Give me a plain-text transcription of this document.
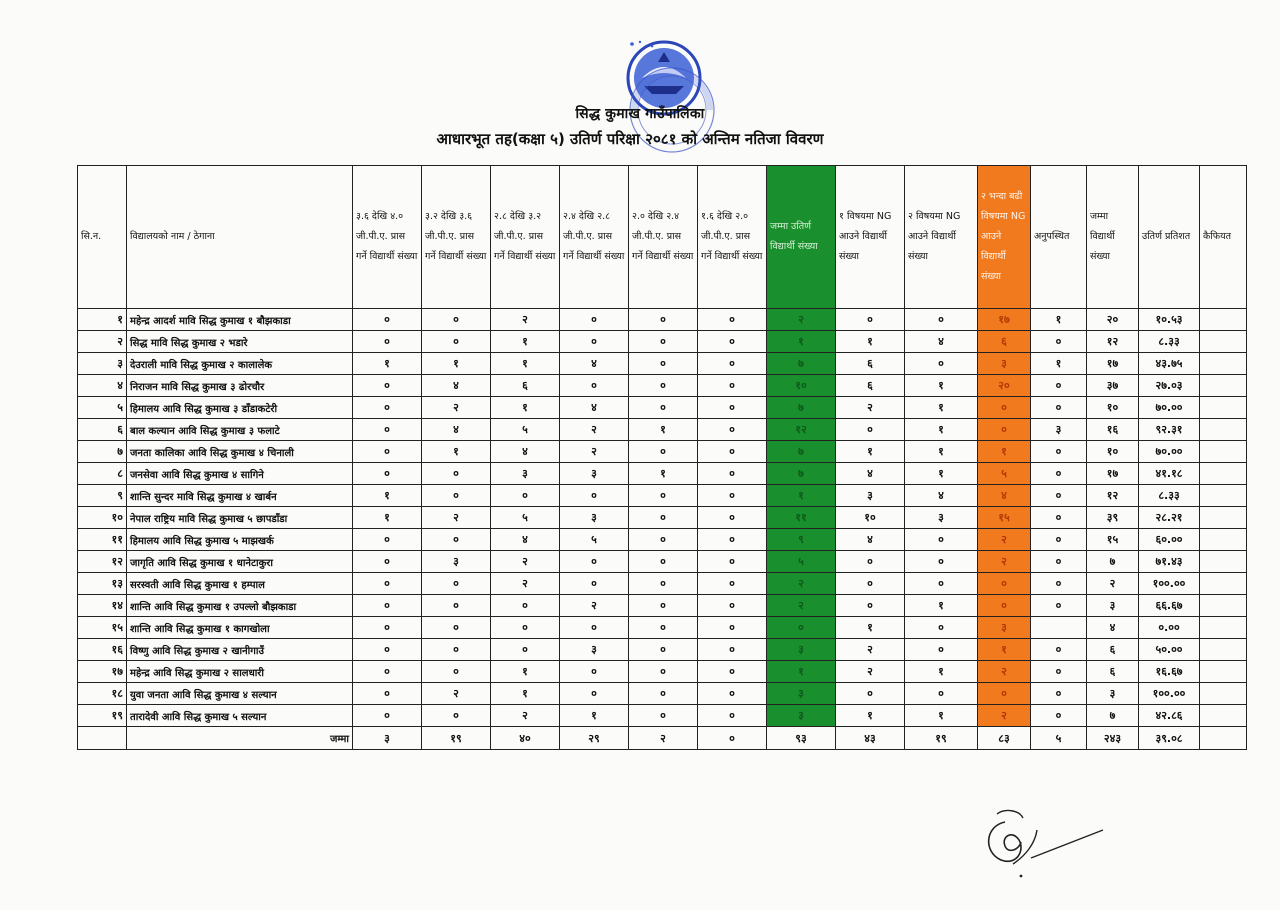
सिद्ध कुमाख गाउँपालिका
आधारभूत तह(कक्षा ५) उतिर्ण परिक्षा २०८१ को अन्तिम नतिजा विवरण
सि.न.	विद्यालयको नाम / ठेगाना	३.६ देखि ४.० जी.पी.ए. प्रास गर्ने विद्यार्थी संख्या	३.२ देखि ३.६ जी.पी.ए. प्रास गर्ने विद्यार्थी संख्या	२.८ देखि ३.२ जी.पी.ए. प्रास गर्ने विद्यार्थी संख्या	२.४ देखि २.८ जी.पी.ए. प्रास गर्ने विद्यार्थी संख्या	२.० देखि २.४ जी.पी.ए. प्रास गर्ने विद्यार्थी संख्या	१.६ देखि २.० जी.पी.ए. प्रास गर्ने विद्यार्थी संख्या	जम्मा उतिर्ण विद्यार्थी संख्या	१ विषयमा NG आउने विद्यार्थी संख्या	२ विषयमा NG आउने विद्यार्थी संख्या	२ भन्दा बढी विषयमा NG आउने विद्यार्थी संख्या	अनुपस्थित	जम्मा विद्यार्थी संख्या	उतिर्ण प्रतिशत	कैफियत
१	महेन्द्र आदर्श मावि सिद्ध कुमाख १ बौझकाडा	०	०	२	०	०	०	२	०	०	१७	१	२०	१०.५३	
२	सिद्ध मावि सिद्ध कुमाख २ भडारे	०	०	१	०	०	०	१	१	४	६	०	१२	८.३३	
३	देउराली मावि सिद्ध कुमाख २ कालालेक	१	१	१	४	०	०	७	६	०	३	१	१७	४३.७५	
४	निराजन मावि सिद्ध कुमाख ३ ढोरचौर	०	४	६	०	०	०	१०	६	१	२०	०	३७	२७.०३	
५	हिमालय आवि सिद्ध कुमाख ३ डाँडाकटेरी	०	२	१	४	०	०	७	२	१	०	०	१०	७०.००	
६	बाल कल्यान आवि सिद्ध कुमाख ३ फलाटे	०	४	५	२	१	०	१२	०	१	०	३	१६	९२.३१	
७	जनता कालिका आवि सिद्ध कुमाख ४ चिनाली	०	१	४	२	०	०	७	१	१	१	०	१०	७०.००	
८	जनसेवा आवि सिद्ध कुमाख ४ सागिने	०	०	३	३	१	०	७	४	१	५	०	१७	४१.१८	
९	शान्ति सुन्दर मावि सिद्ध कुमाख ४ खार्बन	१	०	०	०	०	०	१	३	४	४	०	१२	८.३३	
१०	नेपाल राष्ट्रिय मावि सिद्ध कुमाख ५ छापडाँडा	१	२	५	३	०	०	११	१०	३	१५	०	३९	२८.२१	
११	हिमालय आवि सिद्ध कुमाख ५ माझखर्क	०	०	४	५	०	०	९	४	०	२	०	१५	६०.००	
१२	जागृति आवि सिद्ध कुमाख १ धानेटाकुरा	०	३	२	०	०	०	५	०	०	२	०	७	७१.४३	
१३	सरस्वती आवि सिद्ध कुमाख १ हम्पाल	०	०	२	०	०	०	२	०	०	०	०	२	१००.००	
१४	शान्ति आवि सिद्ध कुमाख १ उपल्लो बौझकाडा	०	०	०	२	०	०	२	०	१	०	०	३	६६.६७	
१५	शान्ति आवि सिद्ध कुमाख १ कागखोला	०	०	०	०	०	०	०	१	०	३		४	०.००	
१६	विष्णु आवि सिद्ध कुमाख २ खानीगाउँ	०	०	०	३	०	०	३	२	०	१	०	६	५०.००	
१७	महेन्द्र आवि सिद्ध कुमाख २ सालधारी	०	०	१	०	०	०	१	२	१	२	०	६	१६.६७	
१८	युवा जनता आवि सिद्ध कुमाख ४ सल्यान	०	२	१	०	०	०	३	०	०	०	०	३	१००.००	
१९	तारादेवी आवि सिद्ध कुमाख ५ सल्यान	०	०	२	१	०	०	३	१	१	२	०	७	४२.८६	
	जम्मा	३	१९	४०	२९	२	०	९३	४३	१९	८३	५	२४३	३९.०८	
